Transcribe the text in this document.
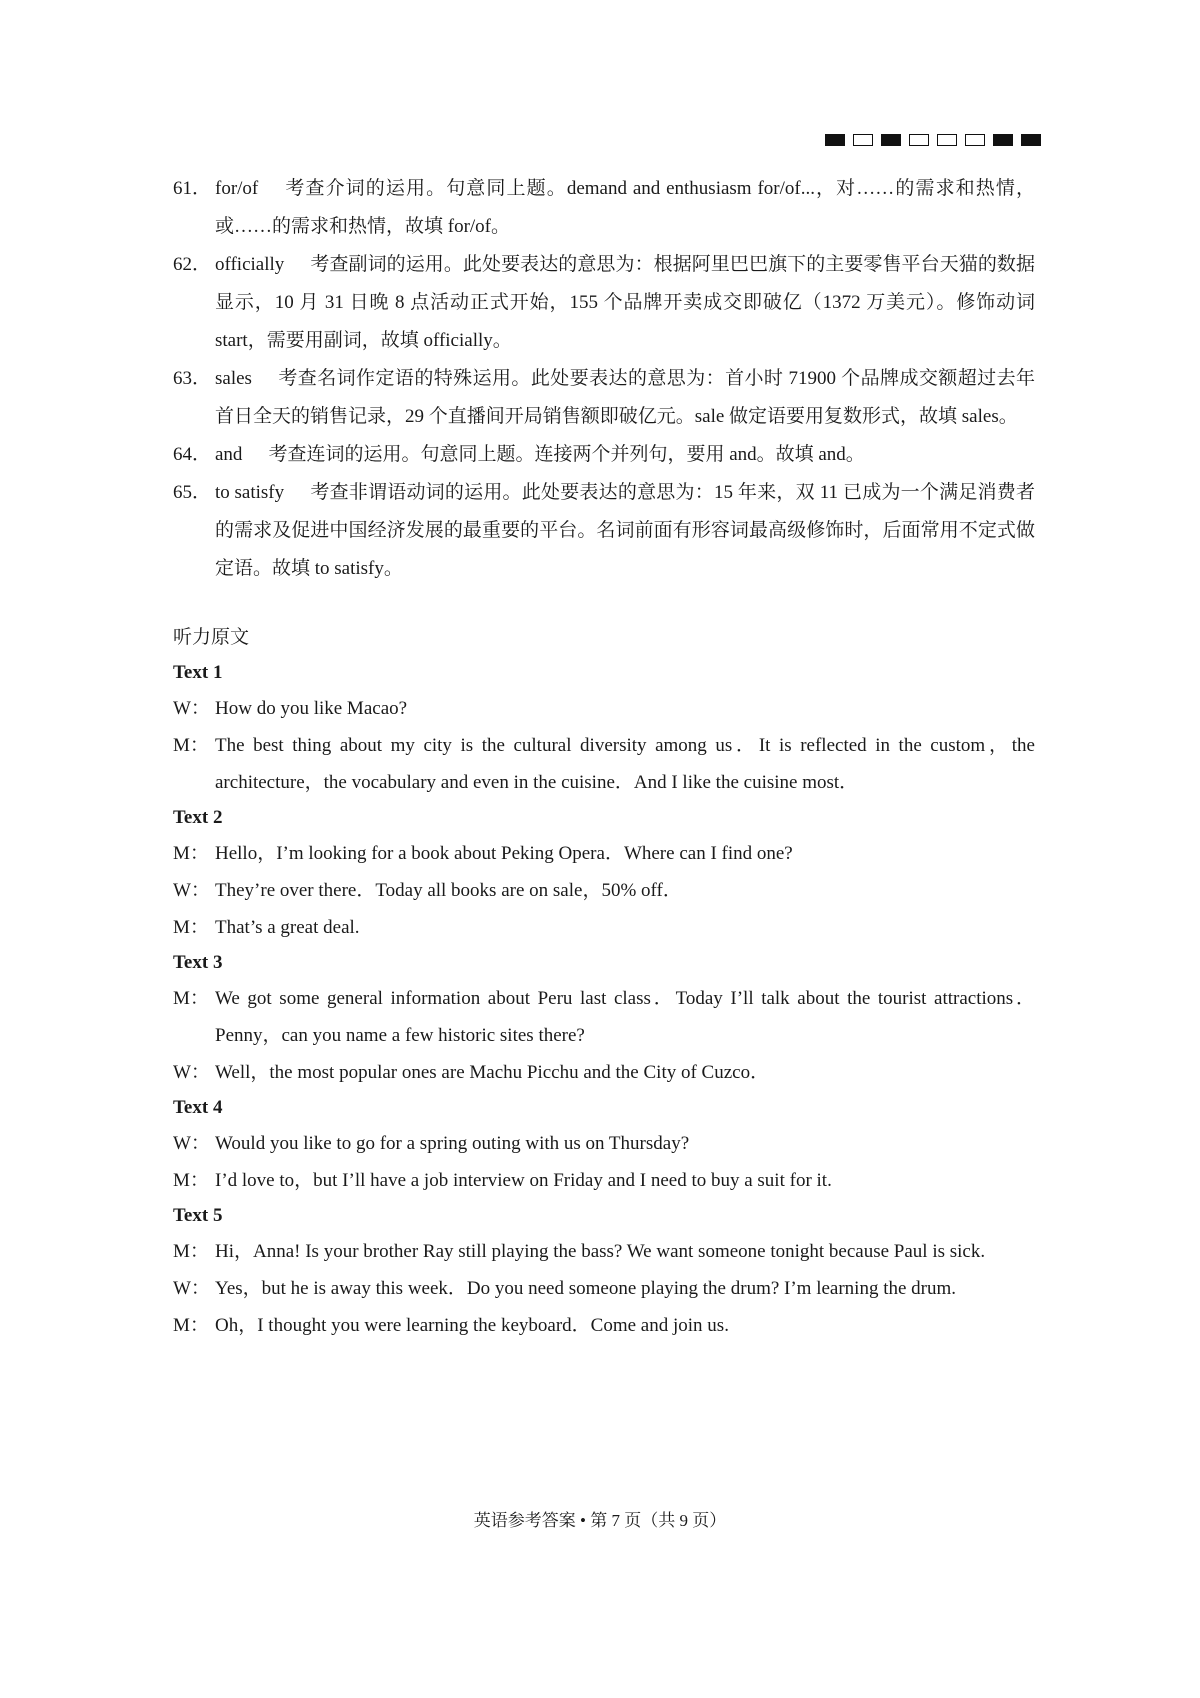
61． for/of 考查介词的运用。句意同上题。demand and enthusiasm for/of...，对……的需求和热情，或……的需求和热情，故填 for/of。
62． officially 考查副词的运用。此处要表达的意思为：根据阿里巴巴旗下的主要零售平台天猫的数据显示，10 月 31 日晚 8 点活动正式开始，155 个品牌开卖成交即破亿（1372 万美元）。修饰动词 start，需要用副词，故填 officially。
63． sales 考查名词作定语的特殊运用。此处要表达的意思为：首小时 71900 个品牌成交额超过去年首日全天的销售记录，29 个直播间开局销售额即破亿元。sale 做定语要用复数形式，故填 sales。
64． and 考查连词的运用。句意同上题。连接两个并列句，要用 and。故填 and。
65． to satisfy 考查非谓语动词的运用。此处要表达的意思为：15 年来，双 11 已成为一个满足消费者的需求及促进中国经济发展的最重要的平台。名词前面有形容词最高级修饰时，后面常用不定式做定语。故填 to satisfy。
听力原文
Text 1
W： How do you like Macao?
M： The best thing about my city is the cultural diversity among us．It is reflected in the custom，the architecture，the vocabulary and even in the cuisine．And I like the cuisine most．
Text 2
M： Hello，I’m looking for a book about Peking Opera．Where can I find one?
W： They’re over there．Today all books are on sale，50% off．
M： That’s a great deal.
Text 3
M： We got some general information about Peru last class．Today I’ll talk about the tourist attractions．Penny，can you name a few historic sites there?
W： Well，the most popular ones are Machu Picchu and the City of Cuzco．
Text 4
W： Would you like to go for a spring outing with us on Thursday?
M： I’d love to，but I’ll have a job interview on Friday and I need to buy a suit for it.
Text 5
M： Hi，Anna! Is your brother Ray still playing the bass? We want someone tonight because Paul is sick.
W： Yes，but he is away this week．Do you need someone playing the drum? I’m learning the drum.
M： Oh，I thought you were learning the keyboard．Come and join us.
英语参考答案 • 第 7 页（共 9 页）
